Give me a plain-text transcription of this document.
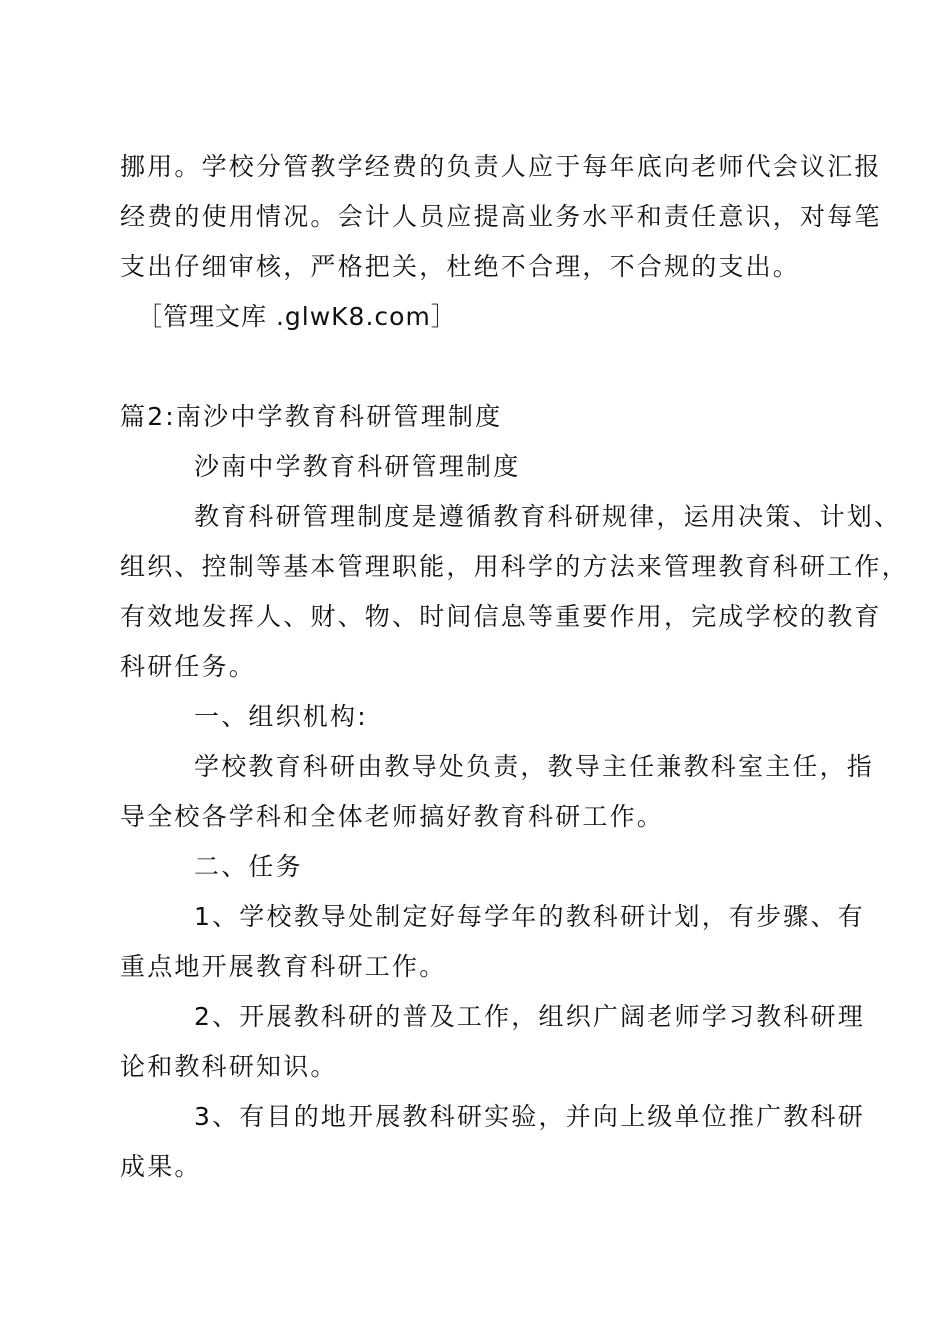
挪用。学校分管教学经费的负责人应于每年底向老师代会议汇报
经费的使用情况。会计人员应提高业务水平和责任意识，对每笔
支出仔细审核，严格把关，杜绝不合理，不合规的支出。
［管理文库 .glwK8.com］
篇2:南沙中学教育科研管理制度
沙南中学教育科研管理制度
教育科研管理制度是遵循教育科研规律，运用决策、计划、
组织、控制等基本管理职能，用科学的方法来管理教育科研工作，
有效地发挥人、财、物、时间信息等重要作用，完成学校的教育
科研任务。
一、组织机构:
学校教育科研由教导处负责，教导主任兼教科室主任，指
导全校各学科和全体老师搞好教育科研工作。
二、任务
1、学校教导处制定好每学年的教科研计划，有步骤、有
重点地开展教育科研工作。
2、开展教科研的普及工作，组织广阔老师学习教科研理
论和教科研知识。
3、有目的地开展教科研实验，并向上级单位推广教科研
成果。
